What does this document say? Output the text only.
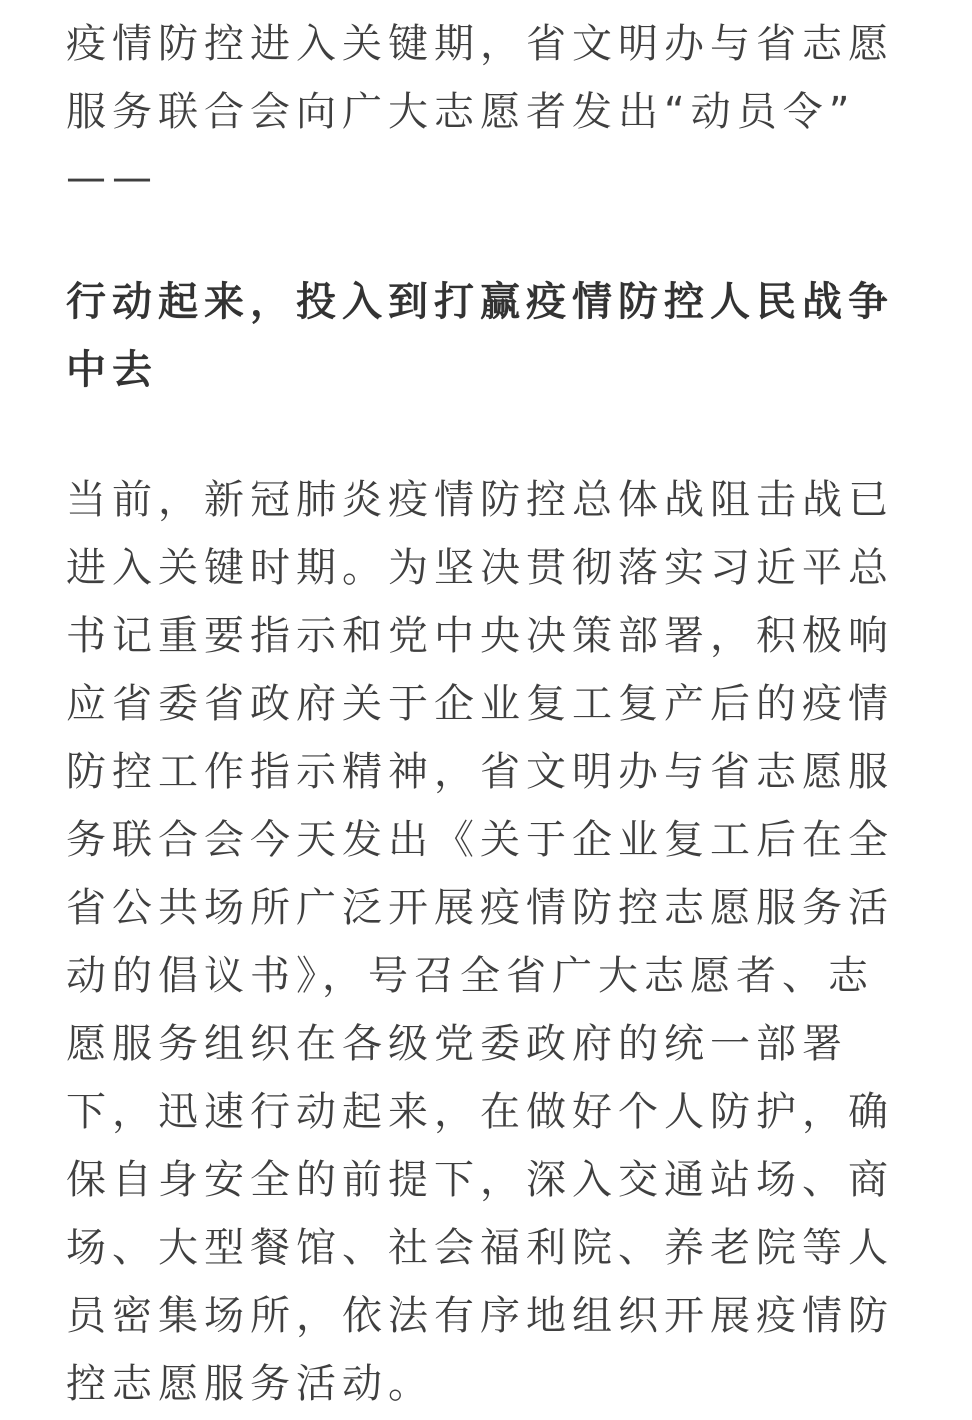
疫情防控进入关键期，省文明办与省志愿
服务联合会向广大志愿者发出“动员令”
——
行动起来，投入到打赢疫情防控人民战争
中去
当前，新冠肺炎疫情防控总体战阻击战已
进入关键时期。为坚决贯彻落实习近平总
书记重要指示和党中央决策部署，积极响
应省委省政府关于企业复工复产后的疫情
防控工作指示精神，省文明办与省志愿服
务联合会今天发出《关于企业复工后在全
省公共场所广泛开展疫情防控志愿服务活
动的倡议书》，号召全省广大志愿者、志
愿服务组织在各级党委政府的统一部署
下，迅速行动起来，在做好个人防护，确
保自身安全的前提下，深入交通站场、商
场、大型餐馆、社会福利院、养老院等人
员密集场所，依法有序地组织开展疫情防
控志愿服务活动。
